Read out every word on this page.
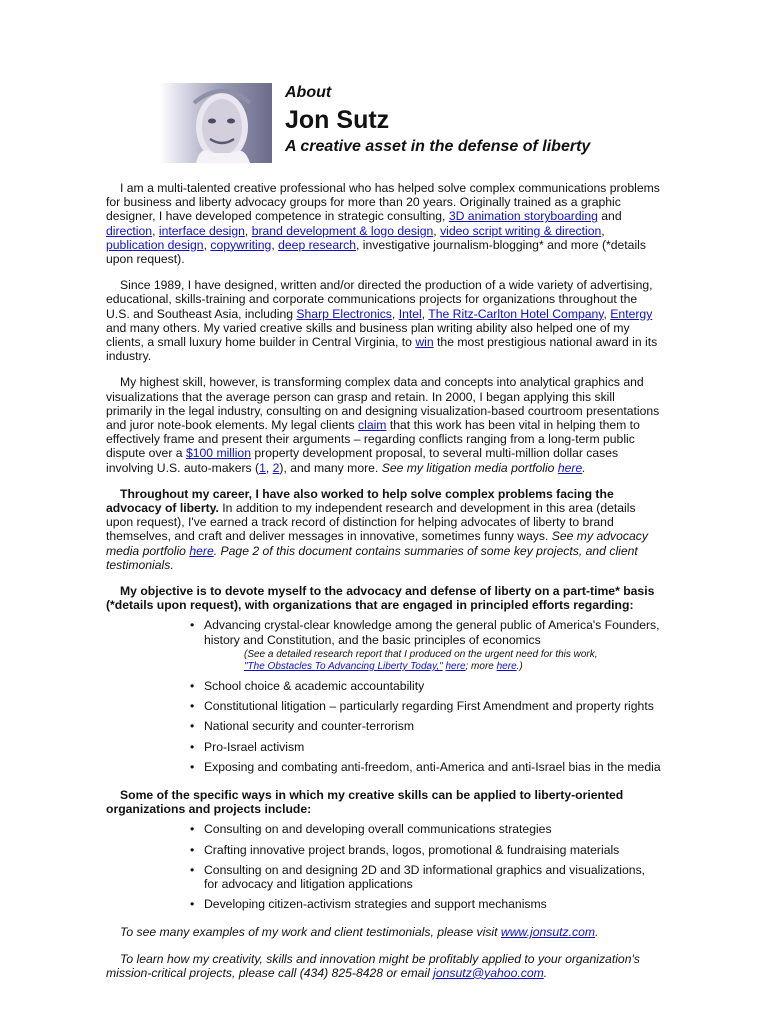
About
Jon Sutz
A creative asset in the defense of liberty

I am a multi-talented creative professional who has helped solve complex communications problems for business and liberty advocacy groups for more than 20 years. Originally trained as a graphic designer, I have developed competence in strategic consulting, 3D animation storyboarding and direction, interface design, brand development & logo design, video script writing & direction, publication design, copywriting, deep research, investigative journalism-blogging* and more (*details upon request).

Since 1989, I have designed, written and/or directed the production of a wide variety of advertising, educational, skills-training and corporate communications projects for organizations throughout the U.S. and Southeast Asia, including Sharp Electronics, Intel, The Ritz-Carlton Hotel Company, Entergy and many others. My varied creative skills and business plan writing ability also helped one of my clients, a small luxury home builder in Central Virginia, to win the most prestigious national award in its industry.

My highest skill, however, is transforming complex data and concepts into analytical graphics and visualizations that the average person can grasp and retain. In 2000, I began applying this skill primarily in the legal industry, consulting on and designing visualization-based courtroom presentations and juror note-book elements. My legal clients claim that this work has been vital in helping them to effectively frame and present their arguments – regarding conflicts ranging from a long-term public dispute over a $100 million property development proposal, to several multi-million dollar cases involving U.S. auto-makers (1, 2), and many more. See my litigation media portfolio here.

Throughout my career, I have also worked to help solve complex problems facing the advocacy of liberty. In addition to my independent research and development in this area (details upon request), I've earned a track record of distinction for helping advocates of liberty to brand themselves, and craft and deliver messages in innovative, sometimes funny ways. See my advocacy media portfolio here. Page 2 of this document contains summaries of some key projects, and client testimonials.

My objective is to devote myself to the advocacy and defense of liberty on a part-time* basis (*details upon request), with organizations that are engaged in principled efforts regarding:

• Advancing crystal-clear knowledge among the general public of America's Founders, history and Constitution, and the basic principles of economics
(See a detailed research report that I produced on the urgent need for this work,
"The Obstacles To Advancing Liberty Today," here; more here.)
• School choice & academic accountability
• Constitutional litigation – particularly regarding First Amendment and property rights
• National security and counter-terrorism
• Pro-Israel activism
• Exposing and combating anti-freedom, anti-America and anti-Israel bias in the media

Some of the specific ways in which my creative skills can be applied to liberty-oriented organizations and projects include:

• Consulting on and developing overall communications strategies
• Crafting innovative project brands, logos, promotional & fundraising materials
• Consulting on and designing 2D and 3D informational graphics and visualizations, for advocacy and litigation applications
• Developing citizen-activism strategies and support mechanisms

To see many examples of my work and client testimonials, please visit www.jonsutz.com.

To learn how my creativity, skills and innovation might be profitably applied to your organization's mission-critical projects, please call (434) 825-8428 or email jonsutz@yahoo.com.
